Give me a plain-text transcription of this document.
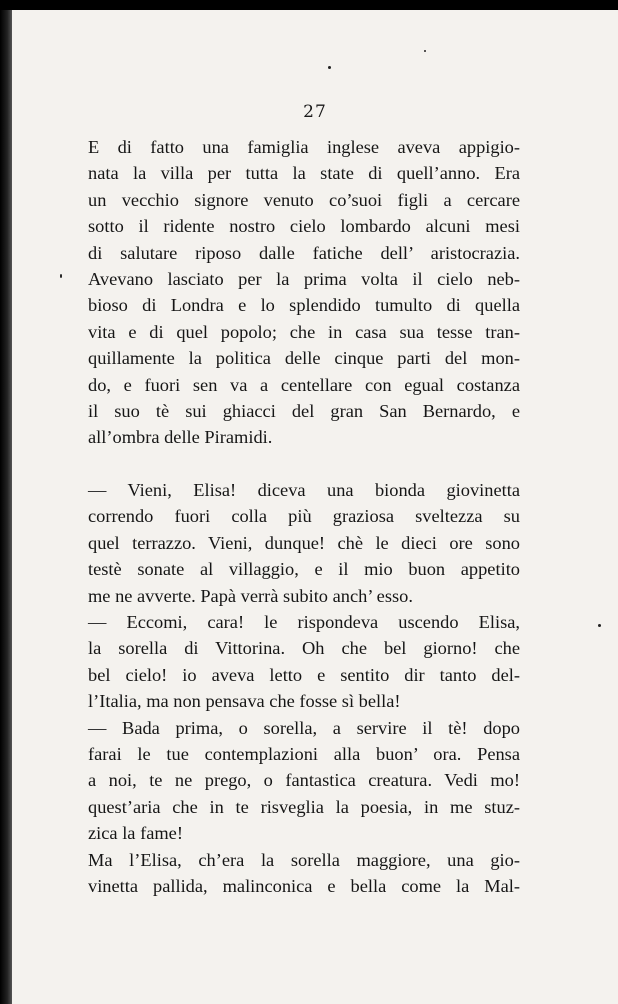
27
E di fatto una famiglia inglese aveva appigio-
nata la villa per tutta la state di quell’anno. Era
un vecchio signore venuto co’suoi figli a cercare
sotto il ridente nostro cielo lombardo alcuni mesi
di salutare riposo dalle fatiche dell’ aristocrazia.
Avevano lasciato per la prima volta il cielo neb-
bioso di Londra e lo splendido tumulto di quella
vita e di quel popolo; che in casa sua tesse tran-
quillamente la politica delle cinque parti del mon-
do, e fuori sen va a centellare con egual costanza
il suo tè sui ghiacci del gran San Bernardo, e
all’ombra delle Piramidi.
— Vieni, Elisa! diceva una bionda giovinetta
correndo fuori colla più graziosa sveltezza su
quel terrazzo. Vieni, dunque! chè le dieci ore sono
testè sonate al villaggio, e il mio buon appetito
me ne avverte. Papà verrà subito anch’ esso.
— Eccomi, cara! le rispondeva uscendo Elisa,
la sorella di Vittorina. Oh che bel giorno! che
bel cielo! io aveva letto e sentito dir tanto del-
l’Italia, ma non pensava che fosse sì bella!
— Bada prima, o sorella, a servire il tè! dopo
farai le tue contemplazioni alla buon’ ora. Pensa
a noi, te ne prego, o fantastica creatura. Vedi mo!
quest’aria che in te risveglia la poesia, in me stuz-
zica la fame!
Ma l’Elisa, ch’era la sorella maggiore, una gio-
vinetta pallida, malinconica e bella come la Mal-
